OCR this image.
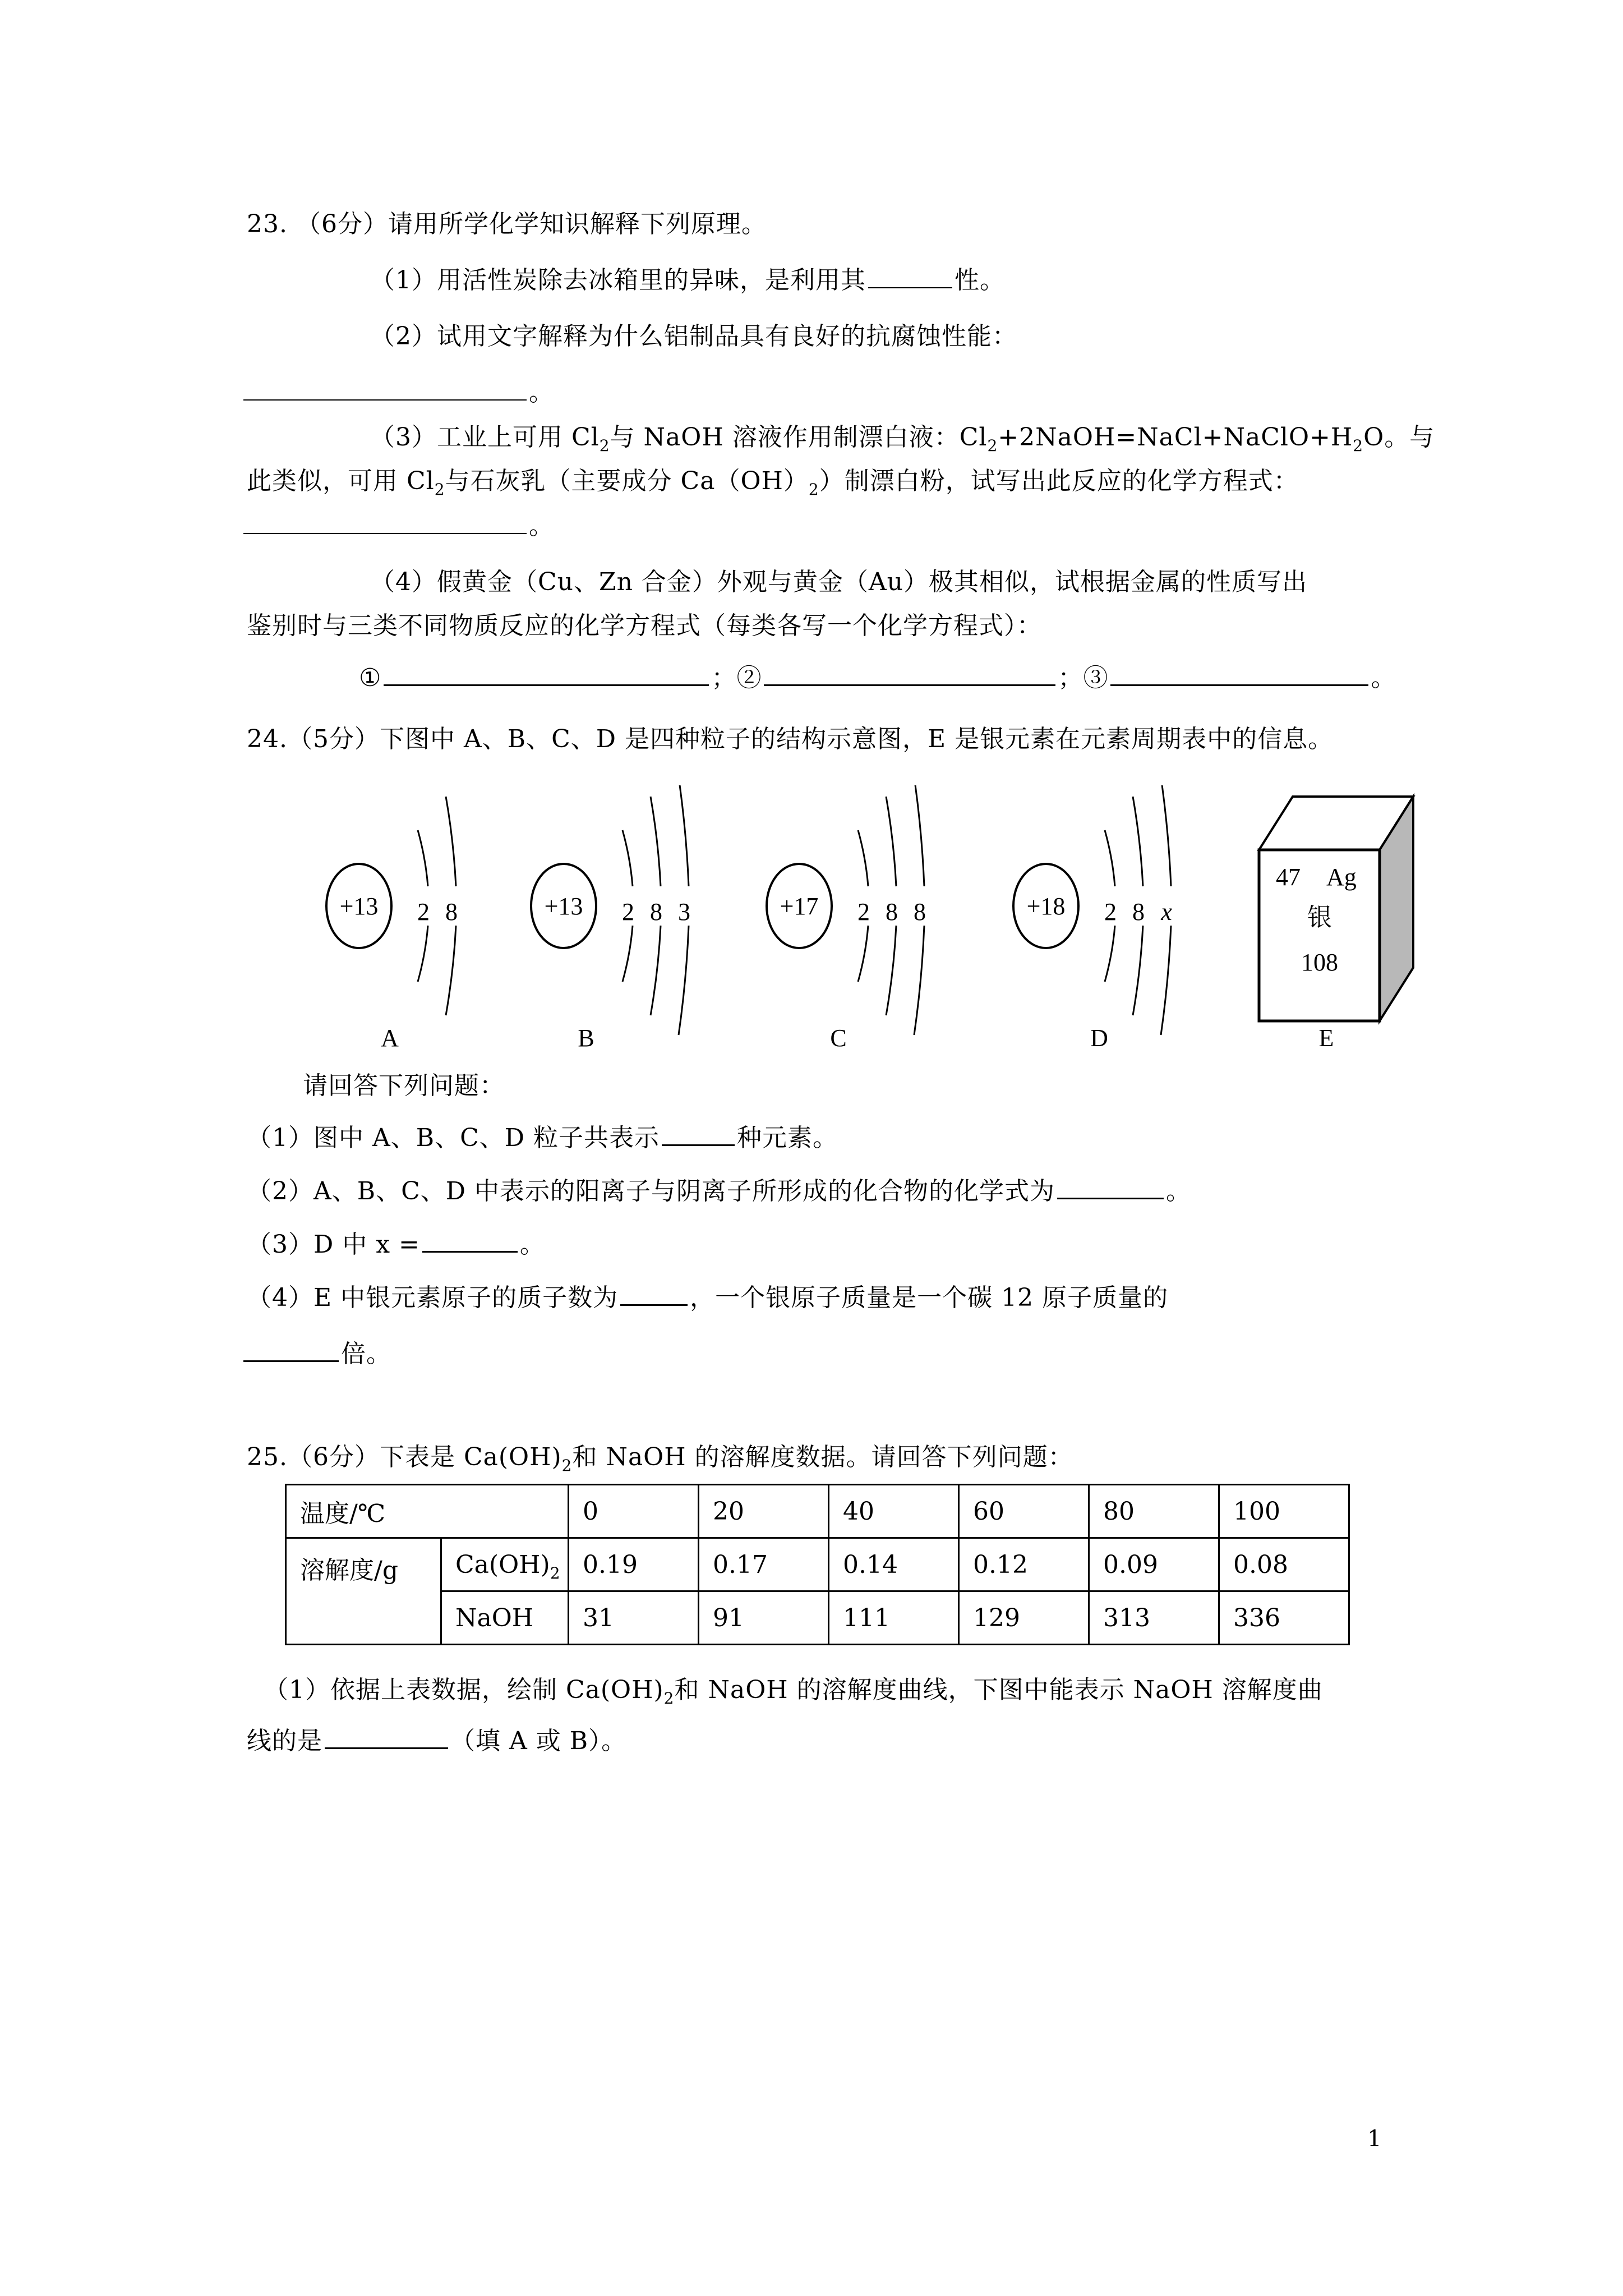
23. （6分）请用所学化学知识解释下列原理。
（1）用活性炭除去冰箱里的异味，是利用其	性。
（2）试用文字解释为什么铝制品具有良好的抗腐蚀性能：
。
（3）工业上可用 $Cl_2$与 NaOH 溶液作用制漂白液：$Cl_2+2NaOH=NaCl+NaClO+H_2O$。与
此类似，可用 $Cl_2$与石灰乳（主要成分 $Ca(OH)_2$）制漂白粉，试写出此反应的化学方程式：
。
（4）假黄金（Cu、Zn 合金）外观与黄金（Au）极其相似，试根据金属的性质写出
鉴别时与三类不同物质反应的化学方程式（每类各写一个化学方程式）：
①	；②	；③	。
24.（5分）下图中 A、B、C、D 是四种粒子的结构示意图，E 是银元素在元素周期表中的信息。
+13 2 8
A
+13 2 8 3
B
+17 2 8 8
C
+18 2 8 x
D
47 Ag
银
108
E
请回答下列问题：
（1）图中 A、B、C、D 粒子共表示	种元素。
（2）A、B、C、D 中表示的阳离子与阴离子所形成的化合物的化学式为	。
（3）D 中 x =	。
（4）E 中银元素原子的质子数为	，一个银原子质量是一个碳 12 原子质量的
倍。
25.（6分）下表是 $Ca(OH)_2$和 NaOH 的溶解度数据。请回答下列问题：
温度/℃		0	20	40	60	80	100
溶解度/g	$Ca(OH)_2$	0.19	0.17	0.14	0.12	0.09	0.08
	NaOH	31	91	111	129	313	336
（1）依据上表数据，绘制 $Ca(OH)_2$和 NaOH 的溶解度曲线，下图中能表示 NaOH 溶解度曲
线的是	（填 A 或 B）。
1
